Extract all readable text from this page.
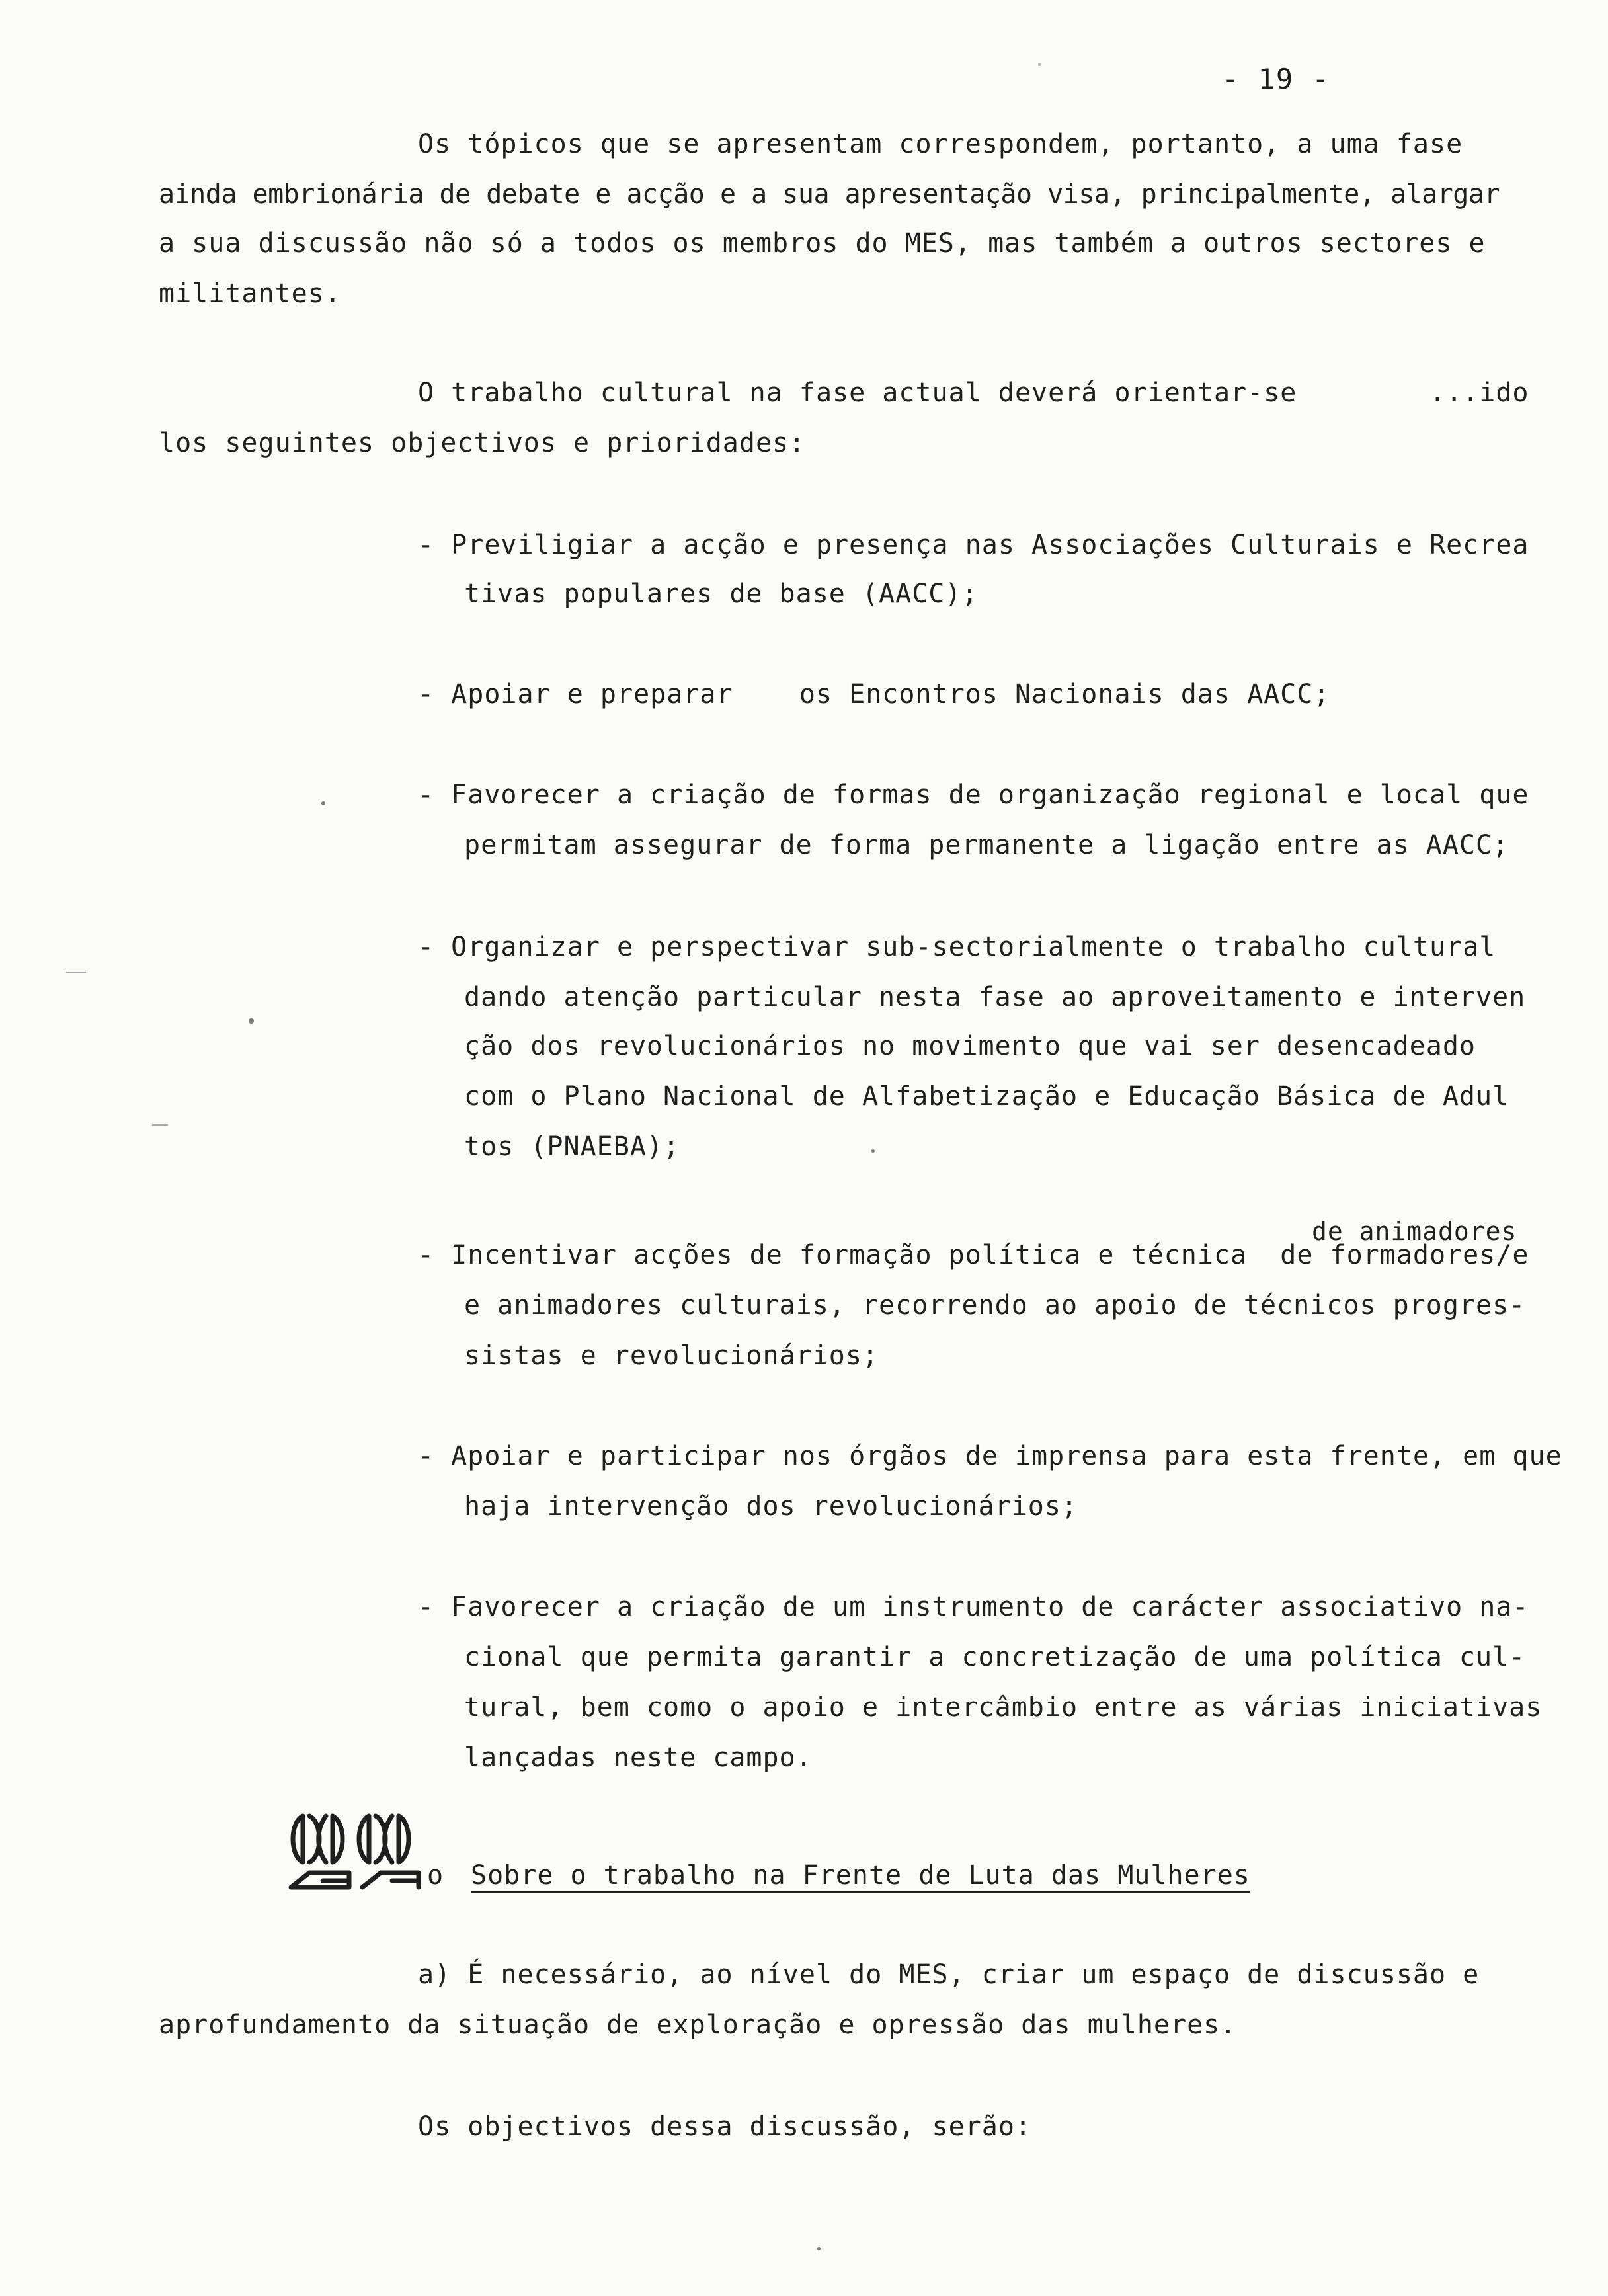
- 19 -

Os tópicos que se apresentam correspondem, portanto, a uma fase

ainda embrionária de debate e acção e a sua apresentação visa, principalmente, alargar

a sua discussão não só a todos os membros do MES, mas também a outros sectores e

militantes.

O trabalho cultural na fase actual deverá orientar-se        ...ido

los seguintes objectivos e prioridades:

- Previligiar a acção e presença nas Associações Culturais e Recrea

tivas populares de base (AACC);

- Apoiar e preparar    os Encontros Nacionais das AACC;

- Favorecer a criação de formas de organização regional e local que

permitam assegurar de forma permanente a ligação entre as AACC;

- Organizar e perspectivar sub-sectorialmente o trabalho cultural

dando atenção particular nesta fase ao aproveitamento e interven

ção dos revolucionários no movimento que vai ser desencadeado

com o Plano Nacional de Alfabetização e Educação Básica de Adul

tos (PNAEBA);

de animadores

- Incentivar acções de formação política e técnica  de formadores/e

e animadores culturais, recorrendo ao apoio de técnicos progres-

sistas e revolucionários;

- Apoiar e participar nos órgãos de imprensa para esta frente, em que

haja intervenção dos revolucionários;

- Favorecer a criação de um instrumento de carácter associativo na-

cional que permita garantir a concretização de uma política cul-

tural, bem como o apoio e intercâmbio entre as várias iniciativas

lançadas neste campo.

o Sobre o trabalho na Frente de Luta das Mulheres

a) É necessário, ao nível do MES, criar um espaço de discussão e

aprofundamento da situação de exploração e opressão das mulheres.

Os objectivos dessa discussão, serão:
